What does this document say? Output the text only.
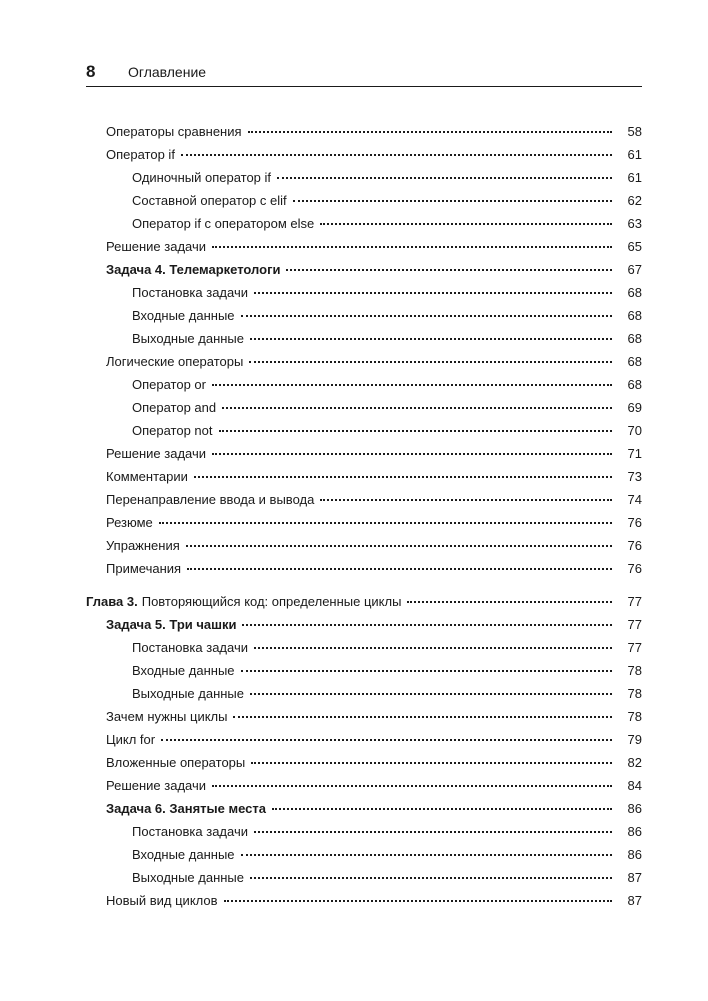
8 Оглавление
Операторы сравнения	58
Оператор if	61
Одиночный оператор if	61
Составной оператор с elif	62
Оператор if с оператором else	63
Решение задачи	65
Задача 4. Телемаркетологи	67
Постановка задачи	68
Входные данные	68
Выходные данные	68
Логические операторы	68
Оператор or	68
Оператор and	69
Оператор not	70
Решение задачи	71
Комментарии	73
Перенаправление ввода и вывода	74
Резюме	76
Упражнения	76
Примечания	76
Глава 3. Повторяющийся код: определенные циклы	77
Задача 5. Три чашки	77
Постановка задачи	77
Входные данные	78
Выходные данные	78
Зачем нужны циклы	78
Цикл for	79
Вложенные операторы	82
Решение задачи	84
Задача 6. Занятые места	86
Постановка задачи	86
Входные данные	86
Выходные данные	87
Новый вид циклов	87
